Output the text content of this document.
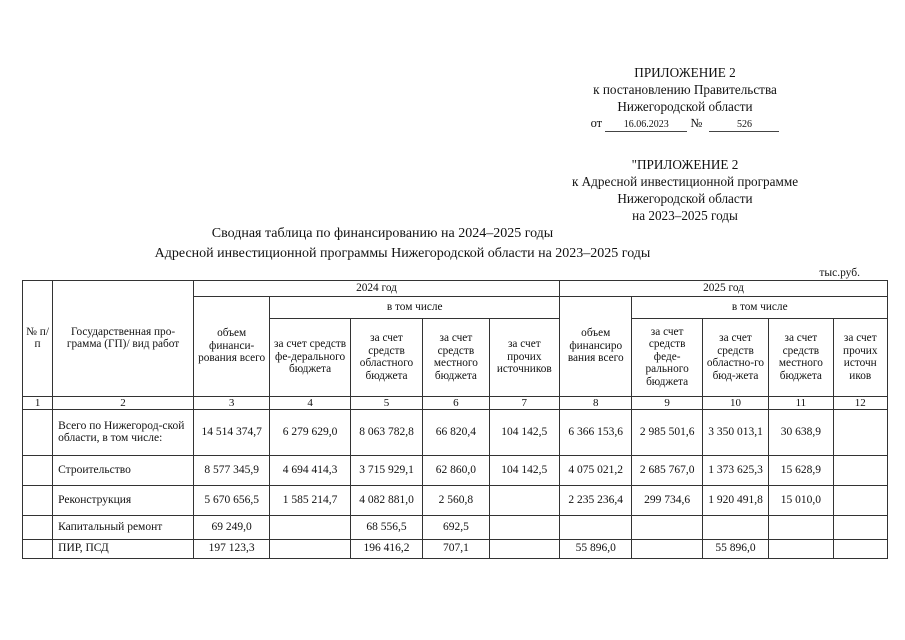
ПРИЛОЖЕНИЕ 2
к постановлению Правительства
Нижегородской области
от 16.06.2023 №	526
"ПРИЛОЖЕНИЕ 2
к Адресной инвестиционной программе
Нижегородской области
на 2023–2025 годы
Сводная таблица по финансированию на 2024–2025 годы
Адресной инвестиционной программы Нижегородской области на 2023–2025 годы
тыс.руб.
№ п/п	Государственная про-грамма (ГП)/ вид работ	2024 год					2025 год				
		объем финанси-рования всего	в том числе				объем финансиро вания всего	в том числе			
			за счет средств фе-дерального бюджета	за счет средств областного бюджета	за счет средств местного бюджета	за счет прочих источников		за счет средств феде-рального бюджета	за счет средств областно-го бюд-жета	за счет средств местного бюджета	за счет прочих источн иков
1	2	3	4	5	6	7	8	9	10	11	12
	Всего по Нижегород-ской области, в том числе:	14 514 374,7	6 279 629,0	8 063 782,8	66 820,4	104 142,5	6 366 153,6	2 985 501,6	3 350 013,1	30 638,9	
	Строительство	8 577 345,9	4 694 414,3	3 715 929,1	62 860,0	104 142,5	4 075 021,2	2 685 767,0	1 373 625,3	15 628,9	
	Реконструкция	5 670 656,5	1 585 214,7	4 082 881,0	2 560,8		2 235 236,4	299 734,6	1 920 491,8	15 010,0	
	Капитальный ремонт	69 249,0		68 556,5	692,5						
	ПИР, ПСД	197 123,3		196 416,2	707,1		55 896,0		55 896,0		
